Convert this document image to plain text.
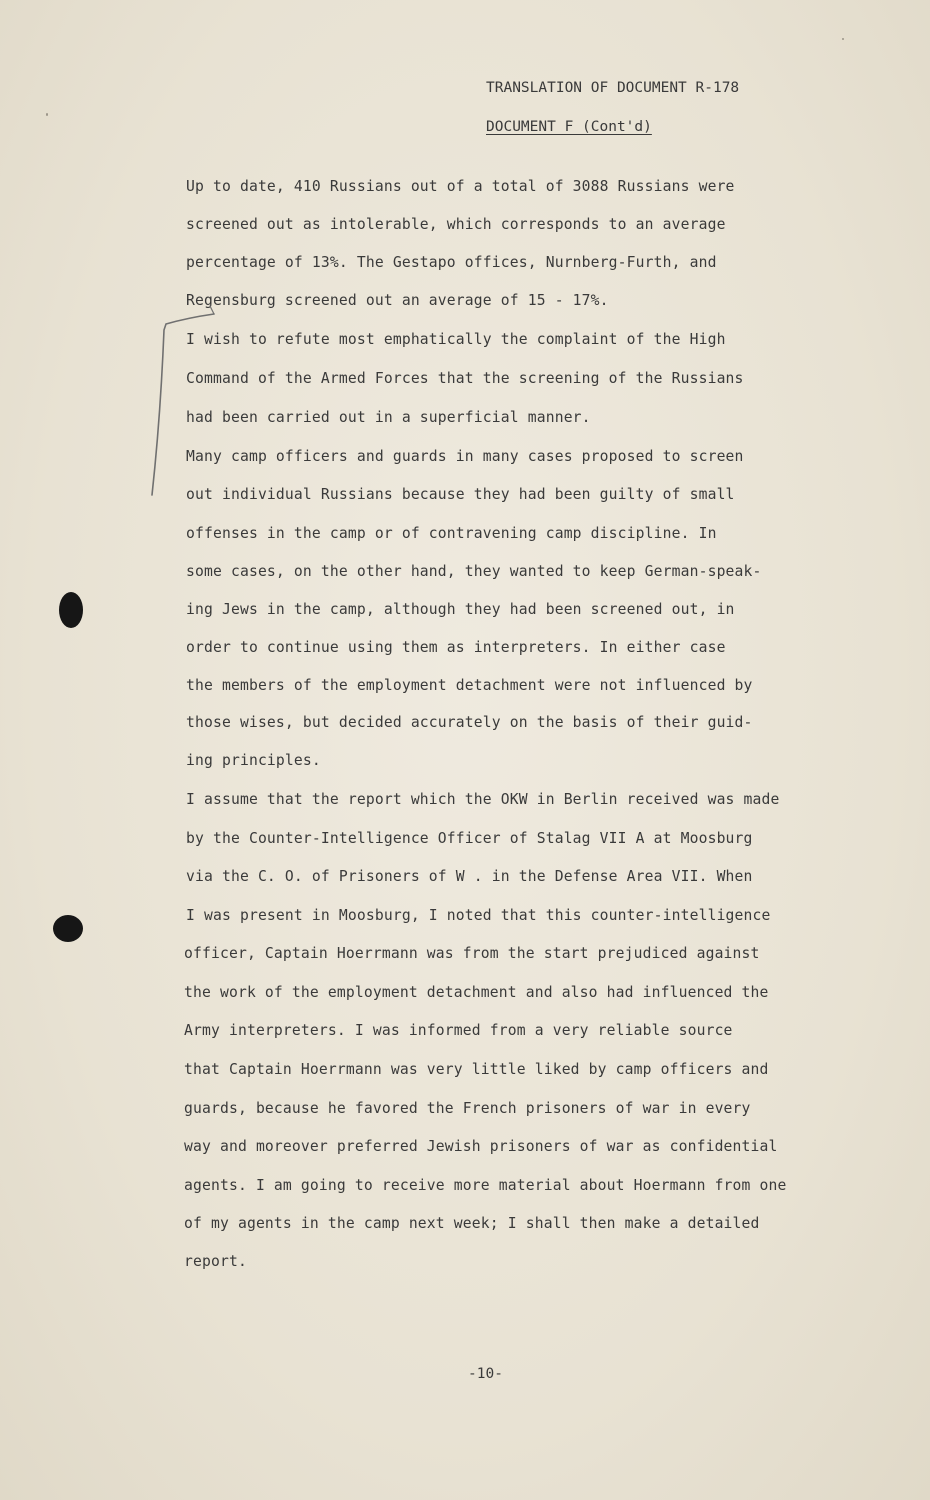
TRANSLATION OF DOCUMENT R-178
DOCUMENT F (Cont'd)
Up to date, 410 Russians out of a total of 3088 Russians were
screened out as intolerable, which corresponds to an average
percentage of 13%. The Gestapo offices, Nurnberg-Furth, and
Regensburg screened out an average of 15 - 17%.
I wish to refute most emphatically the complaint of the High
Command of the Armed Forces that the screening of the Russians
had been carried out in a superficial manner.
Many camp officers and guards in many cases proposed to screen
out individual Russians because they had been guilty of small
offenses in the camp or of contravening camp discipline. In
some cases, on the other hand, they wanted to keep German-speak-
ing Jews in the camp, although they had been screened out, in
order to continue using them as interpreters. In either case
the members of the employment detachment were not influenced by
those wises, but decided accurately on the basis of their guid-
ing principles.
I assume that the report which the OKW in Berlin received was made
by the Counter-Intelligence Officer of Stalag VII A at Moosburg
via the C. O. of Prisoners of W . in the Defense Area VII. When
I was present in Moosburg, I noted that this counter-intelligence
officer, Captain Hoerrmann was from the start prejudiced against
the work of the employment detachment and also had influenced the
Army interpreters. I was informed from a very reliable source
that Captain Hoerrmann was very little liked by camp officers and
guards, because he favored the French prisoners of war in every
way and moreover preferred Jewish prisoners of war as confidential
agents. I am going to receive more material about Hoermann from one
of my agents in the camp next week; I shall then make a detailed
report.
-10-
